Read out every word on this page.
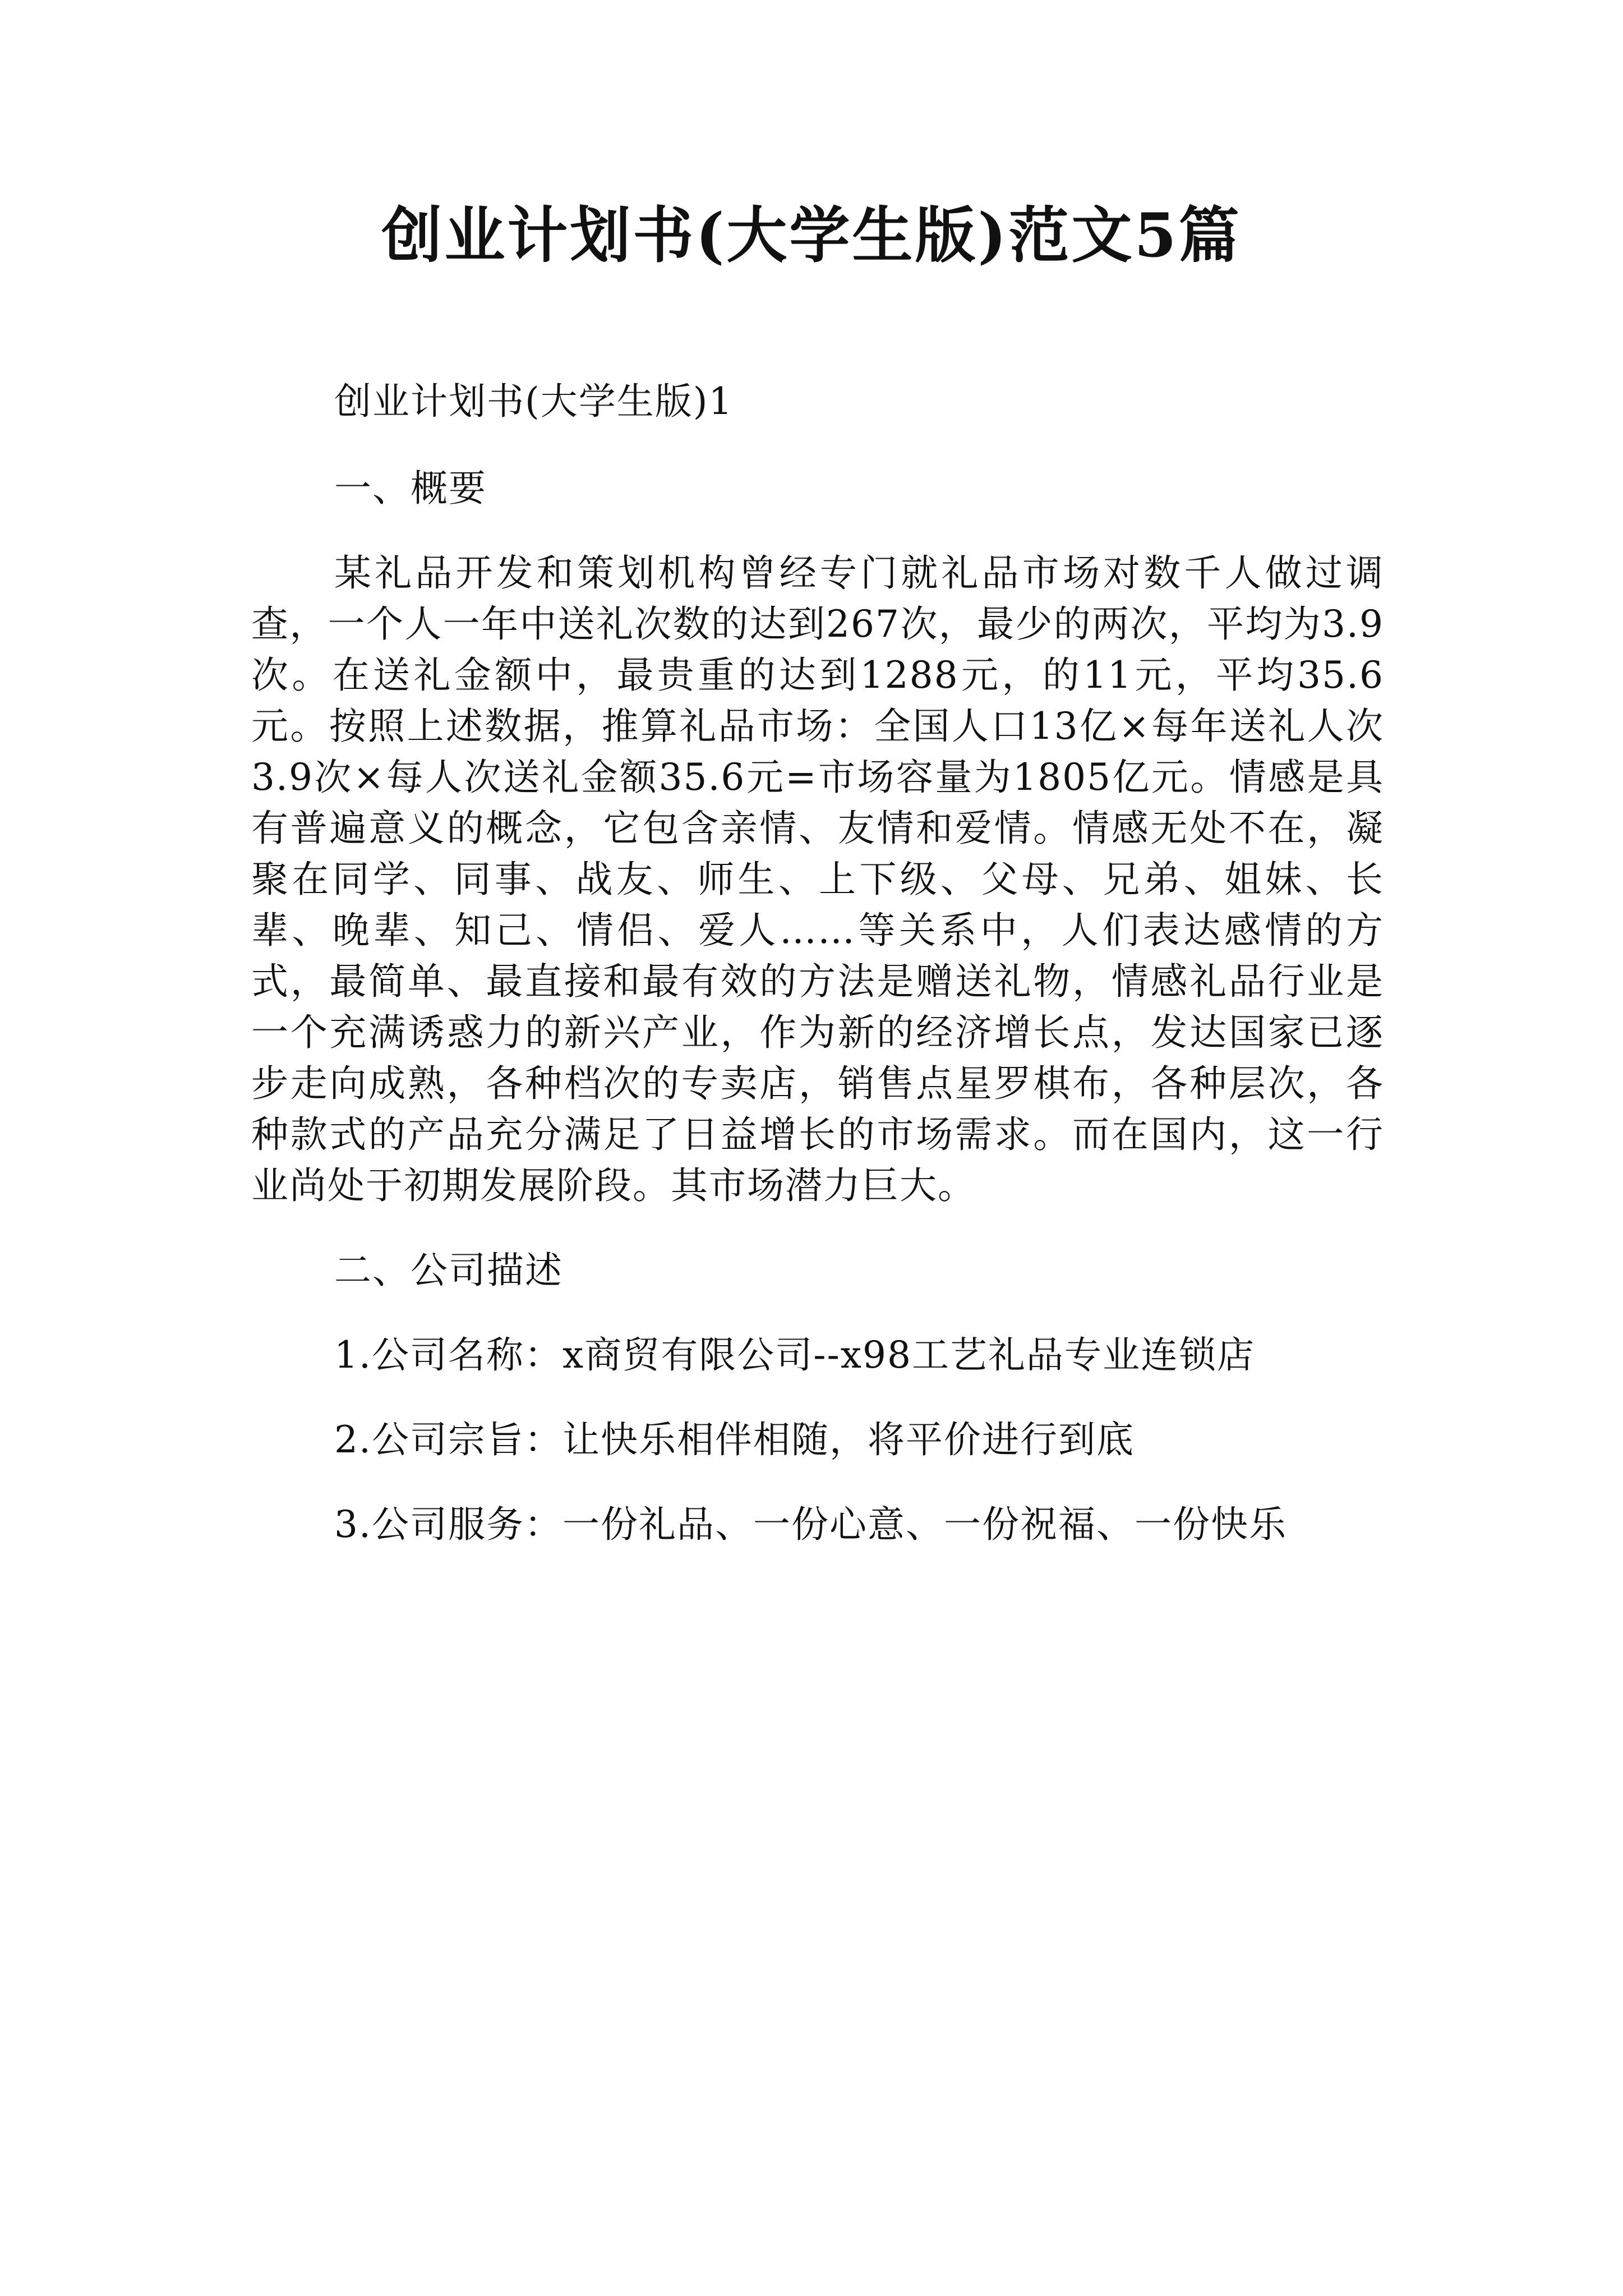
创业计划书(大学生版)范文5篇

创业计划书(大学生版)1

一、概要

某礼品开发和策划机构曾经专门就礼品市场对数千人做过调查，一个人一年中送礼次数的达到267次，最少的两次，平均为3.9次。在送礼金额中，最贵重的达到1288元，的11元，平均35.6元。按照上述数据，推算礼品市场：全国人口13亿×每年送礼人次3.9次×每人次送礼金额35.6元=市场容量为1805亿元。情感是具有普遍意义的概念，它包含亲情、友情和爱情。情感无处不在，凝聚在同学、同事、战友、师生、上下级、父母、兄弟、姐妹、长辈、晚辈、知己、情侣、爱人……等关系中，人们表达感情的方式，最简单、最直接和最有效的方法是赠送礼物，情感礼品行业是一个充满诱惑力的新兴产业，作为新的经济增长点，发达国家已逐步走向成熟，各种档次的专卖店，销售点星罗棋布，各种层次，各种款式的产品充分满足了日益增长的市场需求。而在国内，这一行业尚处于初期发展阶段。其市场潜力巨大。

二、公司描述

1.公司名称：x商贸有限公司--x98工艺礼品专业连锁店

2.公司宗旨：让快乐相伴相随，将平价进行到底

3.公司服务：一份礼品、一份心意、一份祝福、一份快乐
